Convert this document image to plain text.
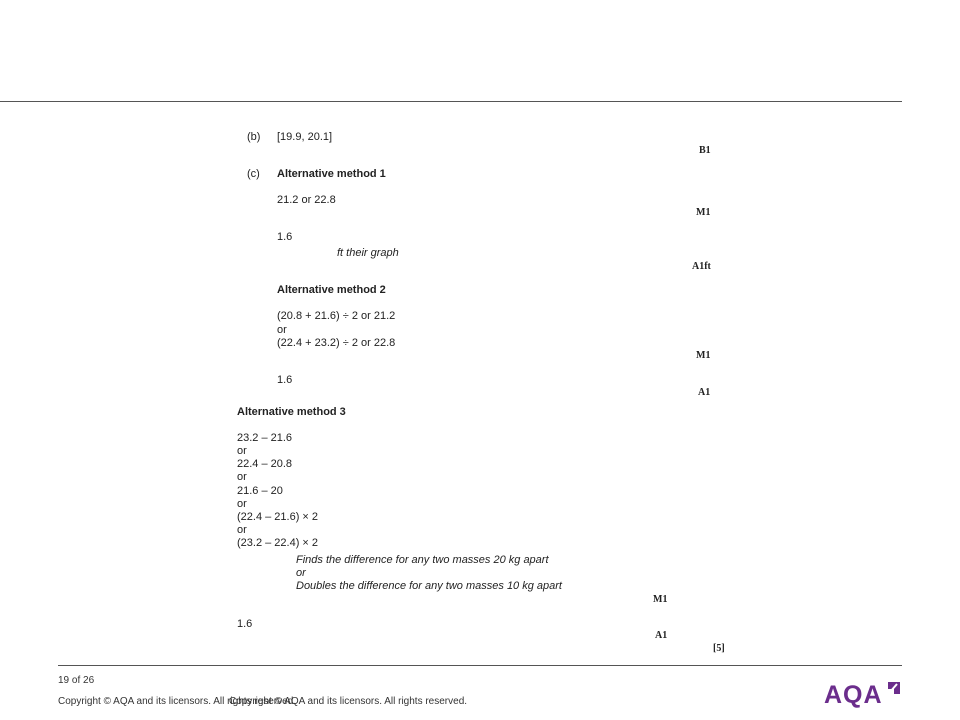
(b) [19.9, 20.1]
B1
(c) Alternative method 1
21.2 or 22.8
M1
1.6
ft their graph
A1ft
Alternative method 2
(20.8 + 21.6) ÷ 2 or 21.2
or
(22.4 + 23.2) ÷ 2 or 22.8
M1
1.6
A1
Alternative method 3
23.2 – 21.6
or
22.4 – 20.8
or
21.6 – 20
or
(22.4 – 21.6) × 2
or
(23.2 – 22.4) × 2
Finds the difference for any two masses 20 kg apart
or
Doubles the difference for any two masses 10 kg apart
M1
1.6
A1
[5]
19 of 26
Copyright © AQA and its licensors. All rights reserved.
Copyright © AQA and its licensors. All rights reserved.	AQA
